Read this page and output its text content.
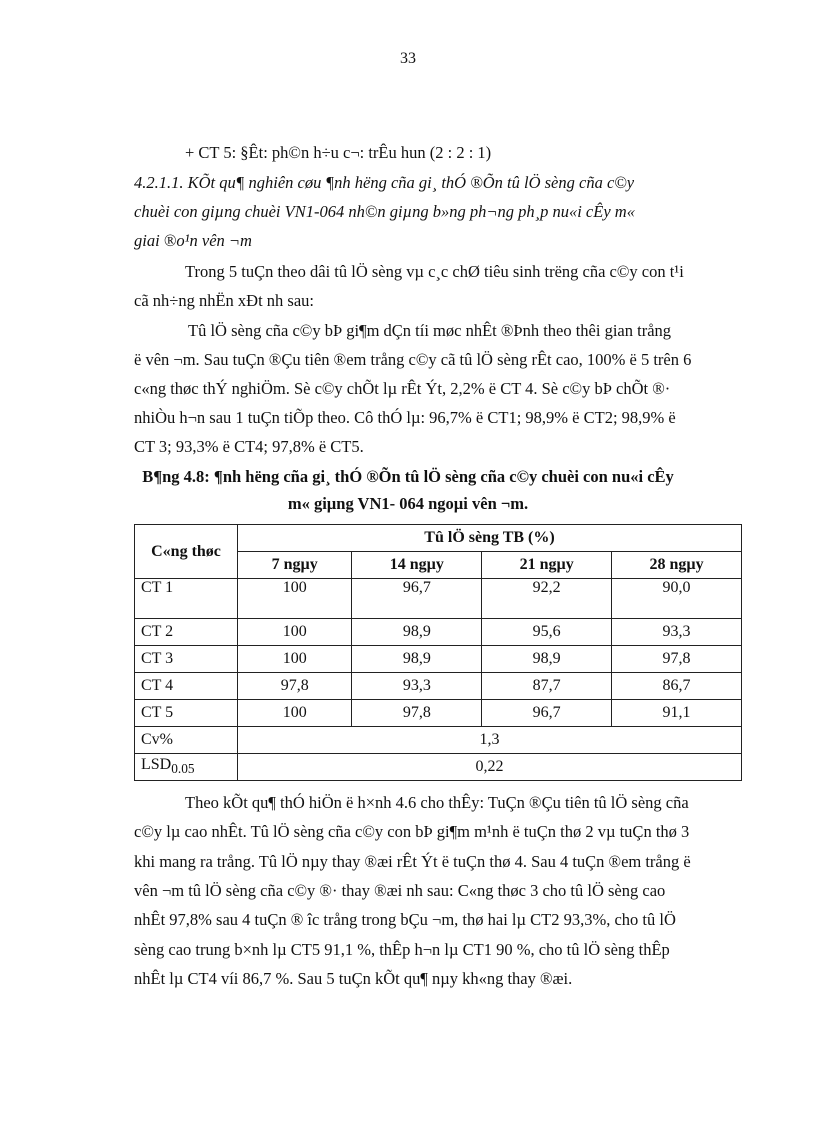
33
+ CT 5: §Êt: ph©n h÷u c¬: trÊu hun (2 : 2 : 1)
4.2.1.1. KÕt qu¶ nghiên cøu ¶nh hëng cña gi¸ thÓ ®Õn tû lÖ sèng cña c©y
chuèi con giµng chuèi VN1-064 nh©n giµng b»ng ph¬ng ph¸p nu«i cÊy m«
giai ®o¹n vên ¬m
Trong 5 tuÇn theo dâi tû lÖ sèng vµ c¸c chØ tiêu sinh trëng cña c©y con t¹i
cã nh÷ng nhËn xÐt nh sau:
Tû lÖ sèng cña c©y bÞ gi¶m dÇn tíi møc nhÊt ®Þnh theo thêi gian trång
ë vên ¬m. Sau tuÇn ®Çu tiên ®em trång c©y cã tû lÖ sèng rÊt cao, 100% ë 5 trên 6
c«ng thøc thÝ nghiÖm. Sè c©y chÕt lµ rÊt Ýt, 2,2% ë CT 4. Sè c©y bÞ chÕt ®·
nhiÒu h¬n sau 1 tuÇn tiÕp theo. Cô thÓ lµ: 96,7% ë CT1; 98,9% ë CT2; 98,9% ë
CT 3; 93,3% ë CT4; 97,8% ë CT5.
B¶ng 4.8: ¶nh hëng cña gi¸ thÓ ®Õn tû lÖ sèng cña c©y chuèi con nu«i cÊy
m« giµng VN1- 064 ngoµi vên ¬m.
C«ng thøc	Tû lÖ sèng TB (%)			
	7 ngµy	14 ngµy	21 ngµy	28 ngµy
CT 1	100	96,7	92,2	90,0
CT 2	100	98,9	95,6	93,3
CT 3	100	98,9	98,9	97,8
CT 4	97,8	93,3	87,7	86,7
CT 5	100	97,8	96,7	91,1
Cv%	1,3			
$LSD_{0.05}$	0,22			
Theo kÕt qu¶ thÓ hiÖn ë h×nh 4.6 cho thÊy: TuÇn ®Çu tiên tû lÖ sèng cña
c©y lµ cao nhÊt. Tû lÖ sèng cña c©y con bÞ gi¶m m¹nh ë tuÇn thø 2 vµ tuÇn thø 3
khi mang ra trång. Tû lÖ nµy thay ®æi rÊt Ýt ë tuÇn thø 4. Sau 4 tuÇn ®em trång ë
vên ¬m tû lÖ sèng cña c©y ®· thay ®æi nh sau: C«ng thøc 3 cho tû lÖ sèng cao
nhÊt 97,8% sau 4 tuÇn ® îc trång trong bÇu ¬m, thø hai lµ CT2 93,3%, cho tû lÖ
sèng cao trung b×nh lµ CT5 91,1 %, thÊp h¬n lµ CT1 90 %, cho tû lÖ sèng thÊp
nhÊt lµ CT4 víi 86,7 %. Sau 5 tuÇn kÕt qu¶ nµy kh«ng thay ®æi.
